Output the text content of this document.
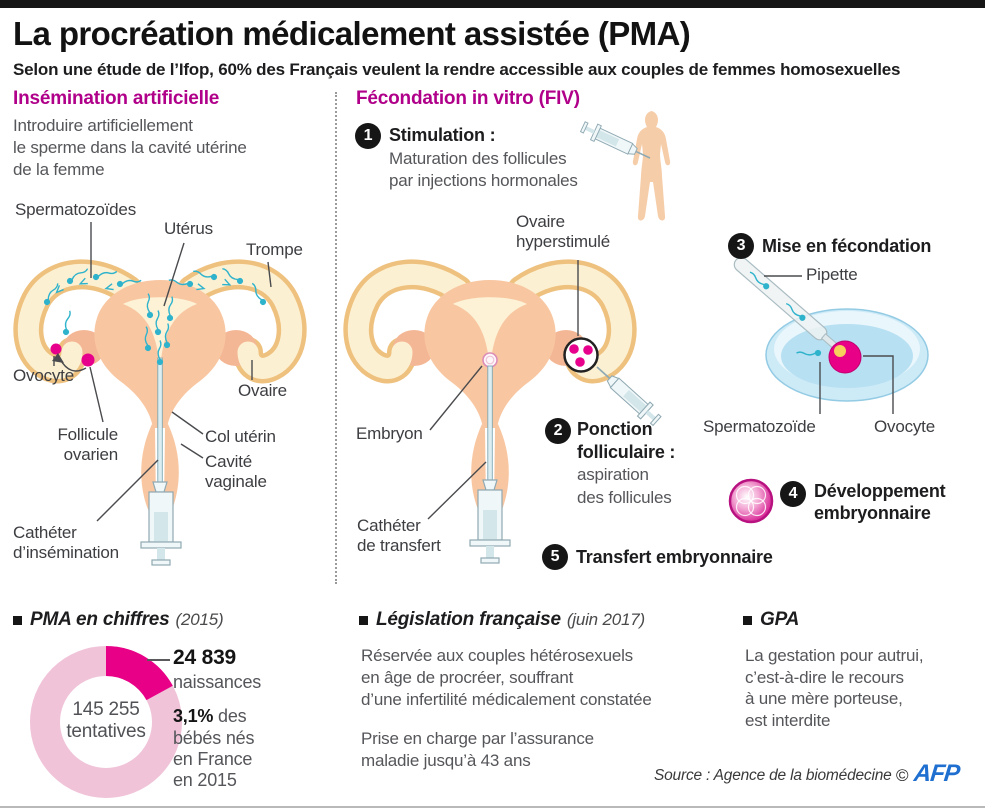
La procréation médicalement assistée (PMA)
Selon une étude de l’Ifop, 60% des Français veulent la rendre accessible aux couples de femmes homosexuelles
Insémination artificielle
Introduire artificiellement
le sperme dans la cavité utérine
de la femme
Spermatozoïdes
Utérus
Trompe
Ovocyte
Ovaire
Follicule
ovarien
Col utérin
Cavité
vaginale
Cathéter
d’insémination
Fécondation in vitro (FIV)
1 Stimulation :
Maturation des follicules
par injections hormonales
Ovaire
hyperstimulé
Embryon	2 Ponction
folliculaire :
aspiration
des follicules
Cathéter
de transfert
5 Transfert embryonnaire
3 Mise en fécondation
Pipette
Spermatozoïde	Ovocyte
4 Développement
embryonnaire
PMA en chiffres (2015)
145 255
tentatives
24 839
naissances
3,1% des
bébés nés
en France
en 2015
Législation française (juin 2017)
Réservée aux couples hétérosexuels
en âge de procréer, souffrant
d’une infertilité médicalement constatée
Prise en charge par l’assurance
maladie jusqu’à 43 ans
GPA
La gestation pour autrui,
c’est-à-dire le recours
à une mère porteuse,
est interdite
Source : Agence de la biomédecine © AFP
